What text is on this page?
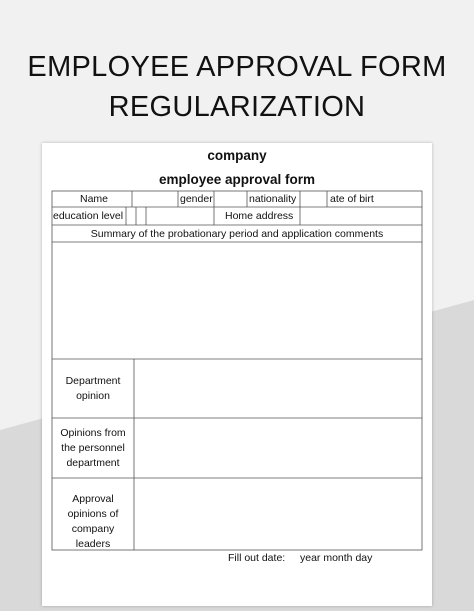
EMPLOYEE APPROVAL FORM
REGULARIZATION
company
employee approval form
Name	gender	nationality	ate of birt
education level	Home address
Summary of the probationary period and application comments
Department opinion
Opinions from the personnel department
Approval opinions of company leaders
Fill out date: year month day
